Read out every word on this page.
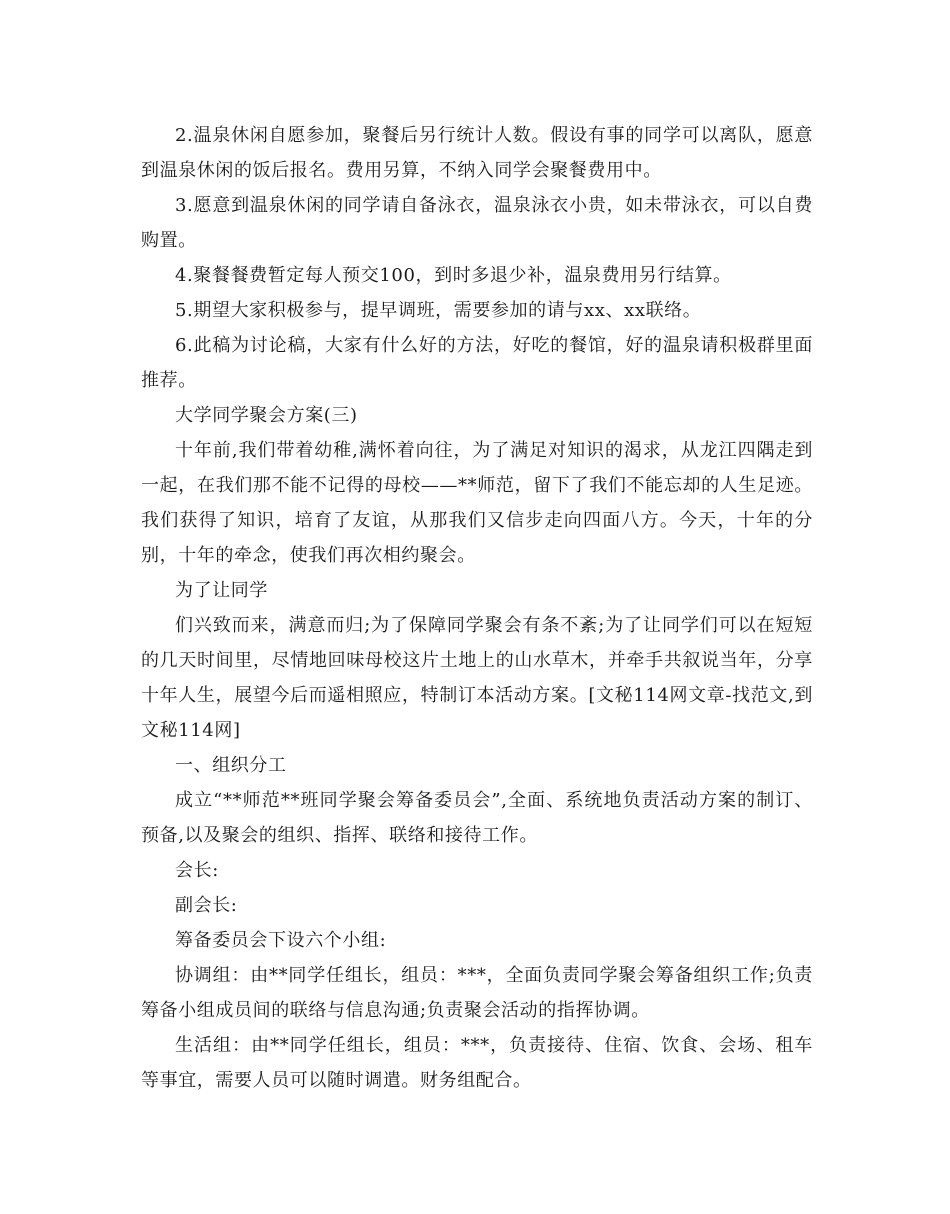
2.温泉休闲自愿参加，聚餐后另行统计人数。假设有事的同学可以离队，愿意到温泉休闲的饭后报名。费用另算，不纳入同学会聚餐费用中。

3.愿意到温泉休闲的同学请自备泳衣，温泉泳衣小贵，如未带泳衣，可以自费购置。

4.聚餐餐费暂定每人预交100，到时多退少补，温泉费用另行结算。

5.期望大家积极参与，提早调班，需要参加的请与xx、xx联络。

6.此稿为讨论稿，大家有什么好的方法，好吃的餐馆，好的温泉请积极群里面推荐。

大学同学聚会方案(三)

十年前,我们带着幼稚,满怀着向往，为了满足对知识的渴求，从龙江四隅走到一起，在我们那不能不记得的母校——**师范，留下了我们不能忘却的人生足迹。我们获得了知识，培育了友谊，从那我们又信步走向四面八方。今天，十年的分别，十年的牵念，使我们再次相约聚会。

为了让同学

们兴致而来，满意而归;为了保障同学聚会有条不紊;为了让同学们可以在短短的几天时间里，尽情地回味母校这片土地上的山水草木，并牵手共叙说当年，分享十年人生，展望今后而遥相照应，特制订本活动方案。[文秘114网文章-找范文,到文秘114网]

一、组织分工

成立“**师范**班同学聚会筹备委员会”,全面、系统地负责活动方案的制订、预备,以及聚会的组织、指挥、联络和接待工作。

会长:

副会长:

筹备委员会下设六个小组:

协调组：由**同学任组长，组员：***，全面负责同学聚会筹备组织工作;负责筹备小组成员间的联络与信息沟通;负责聚会活动的指挥协调。

生活组：由**同学任组长，组员：***，负责接待、住宿、饮食、会场、租车等事宜，需要人员可以随时调遣。财务组配合。
